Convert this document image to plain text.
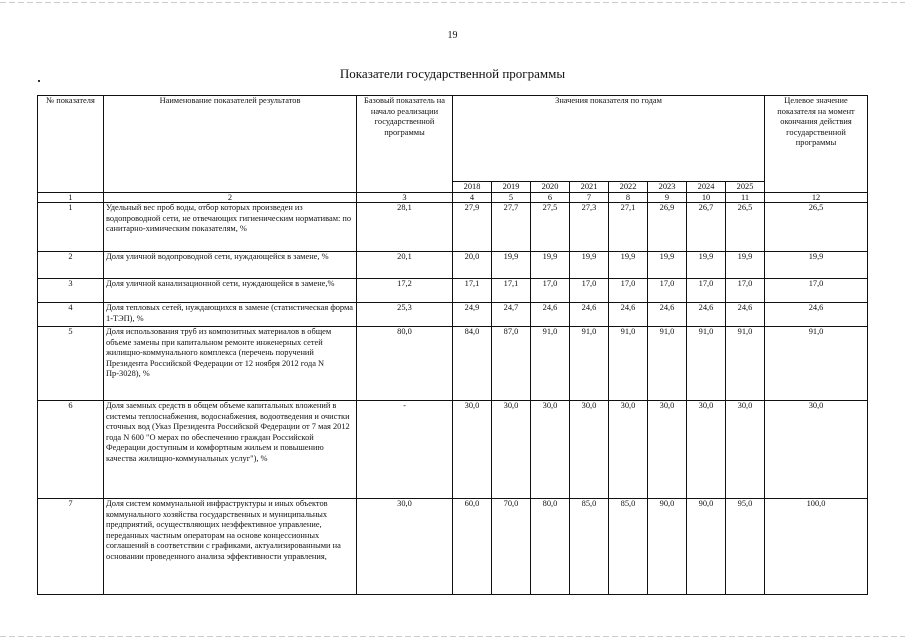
19
Показатели государственной программы
№ показателя	Наименование показателей результатов	Базовый показатель на начало реализации государственной программы	Значения показателя по годам								Целевое значение показателя на момент окончания действия государственной программы
			2018	2019	2020	2021	2022	2023	2024	2025	
1	2	3	4	5	6	7	8	9	10	11	12
1	Удельный вес проб воды, отбор которых произведен из водопроводной сети, не отвечающих гигиеническим нормативам: по санитарно-химическим показателям, %	28,1	27,9	27,7	27,5	27,3	27,1	26,9	26,7	26,5	26,5
2	Доля уличной водопроводной сети, нуждающейся в замене, %	20,1	20,0	19,9	19,9	19,9	19,9	19,9	19,9	19,9	19,9
3	Доля уличной канализационной сети, нуждающейся в замене,%	17,2	17,1	17,1	17,0	17,0	17,0	17,0	17,0	17,0	17,0
4	Доля тепловых сетей, нуждающихся в замене (статистическая форма 1-ТЭП), %	25,3	24,9	24,7	24,6	24,6	24,6	24,6	24,6	24,6	24,6
5	Доля использования труб из композитных материалов в общем объеме замены при капитальном ремонте инженерных сетей жилищно-коммунального комплекса (перечень поручений Президента Российской Федерации от 12 ноября 2012 года N Пр-3028), %	80,0	84,0	87,0	91,0	91,0	91,0	91,0	91,0	91,0	91,0
6	Доля заемных средств в общем объеме капитальных вложений в системы теплоснабжения, водоснабжения, водоотведения и очистки сточных вод (Указ Президента Российской Федерации от 7 мая 2012 года N 600 "О мерах по обеспечению граждан Российской Федерации доступным и комфортным жильем и повышению качества жилищно-коммунальных услуг"), %	-	30,0	30,0	30,0	30,0	30,0	30,0	30,0	30,0	30,0
7	Доля систем коммунальной инфраструктуры и иных объектов коммунального хозяйства государственных и муниципальных предприятий, осуществляющих неэффективное управление, переданных частным операторам на основе концессионных соглашений в соответствии с графиками, актуализированными на основании проведенного анализа эффективности управления,	30,0	60,0	70,0	80,0	85,0	85,0	90,0	90,0	95,0	100,0
